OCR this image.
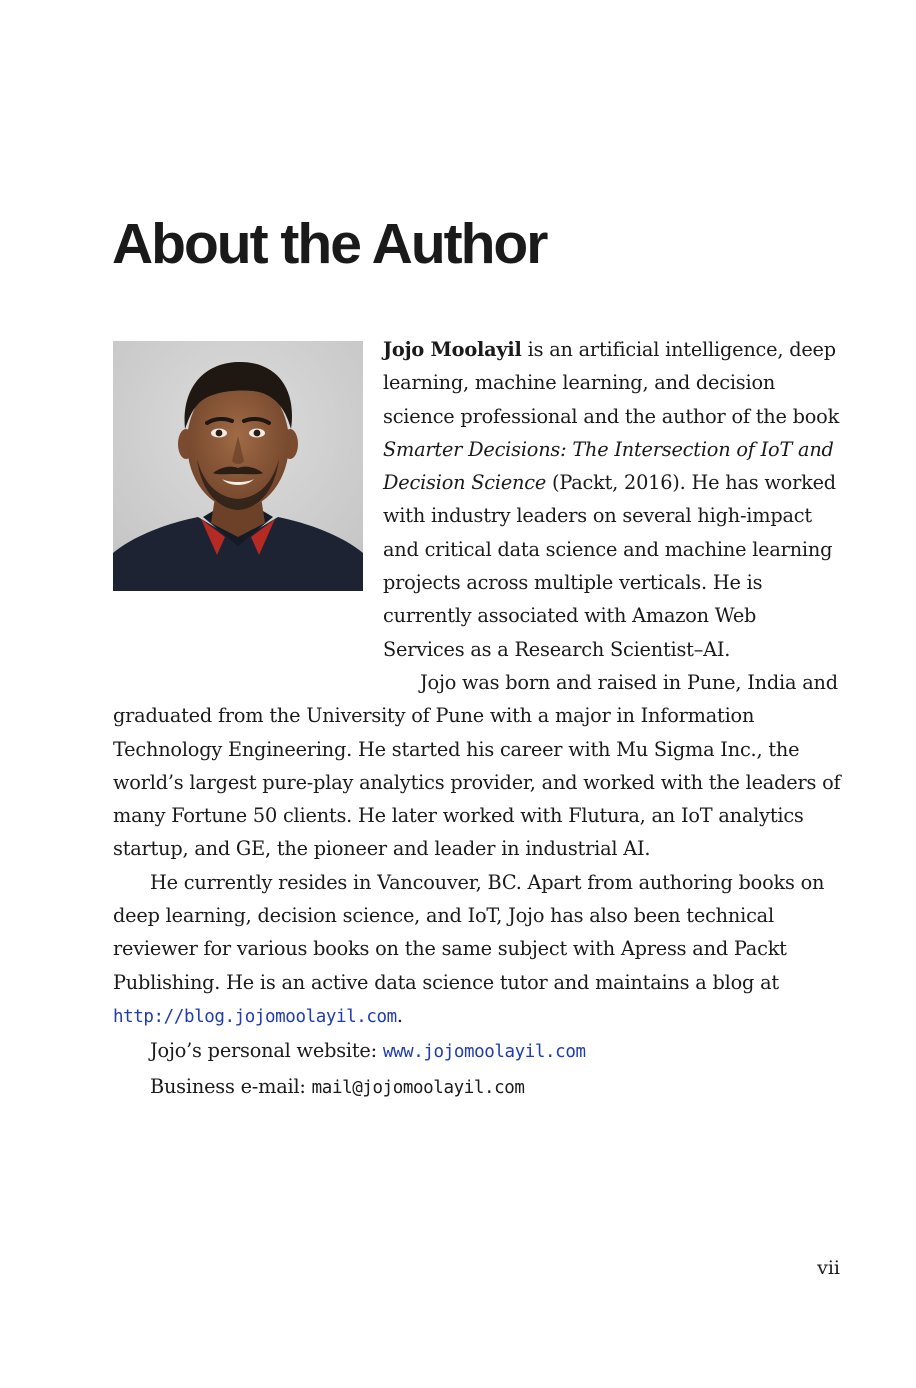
About the Author

Jojo Moolayil is an artificial intelligence, deep learning, machine learning, and decision science professional and the author of the book Smarter Decisions: The Intersection of IoT and Decision Science (Packt, 2016). He has worked with industry leaders on several high-impact and critical data science and machine learning projects across multiple verticals. He is currently associated with Amazon Web Services as a Research Scientist–AI.

Jojo was born and raised in Pune, India and graduated from the University of Pune with a major in Information Technology Engineering. He started his career with Mu Sigma Inc., the world’s largest pure-play analytics provider, and worked with the leaders of many Fortune 50 clients. He later worked with Flutura, an IoT analytics startup, and GE, the pioneer and leader in industrial AI.

He currently resides in Vancouver, BC. Apart from authoring books on deep learning, decision science, and IoT, Jojo has also been technical reviewer for various books on the same subject with Apress and Packt Publishing. He is an active data science tutor and maintains a blog at http://blog.jojomoolayil.com.

Jojo’s personal website: www.jojomoolayil.com

Business e-mail: mail@jojomoolayil.com

vii
